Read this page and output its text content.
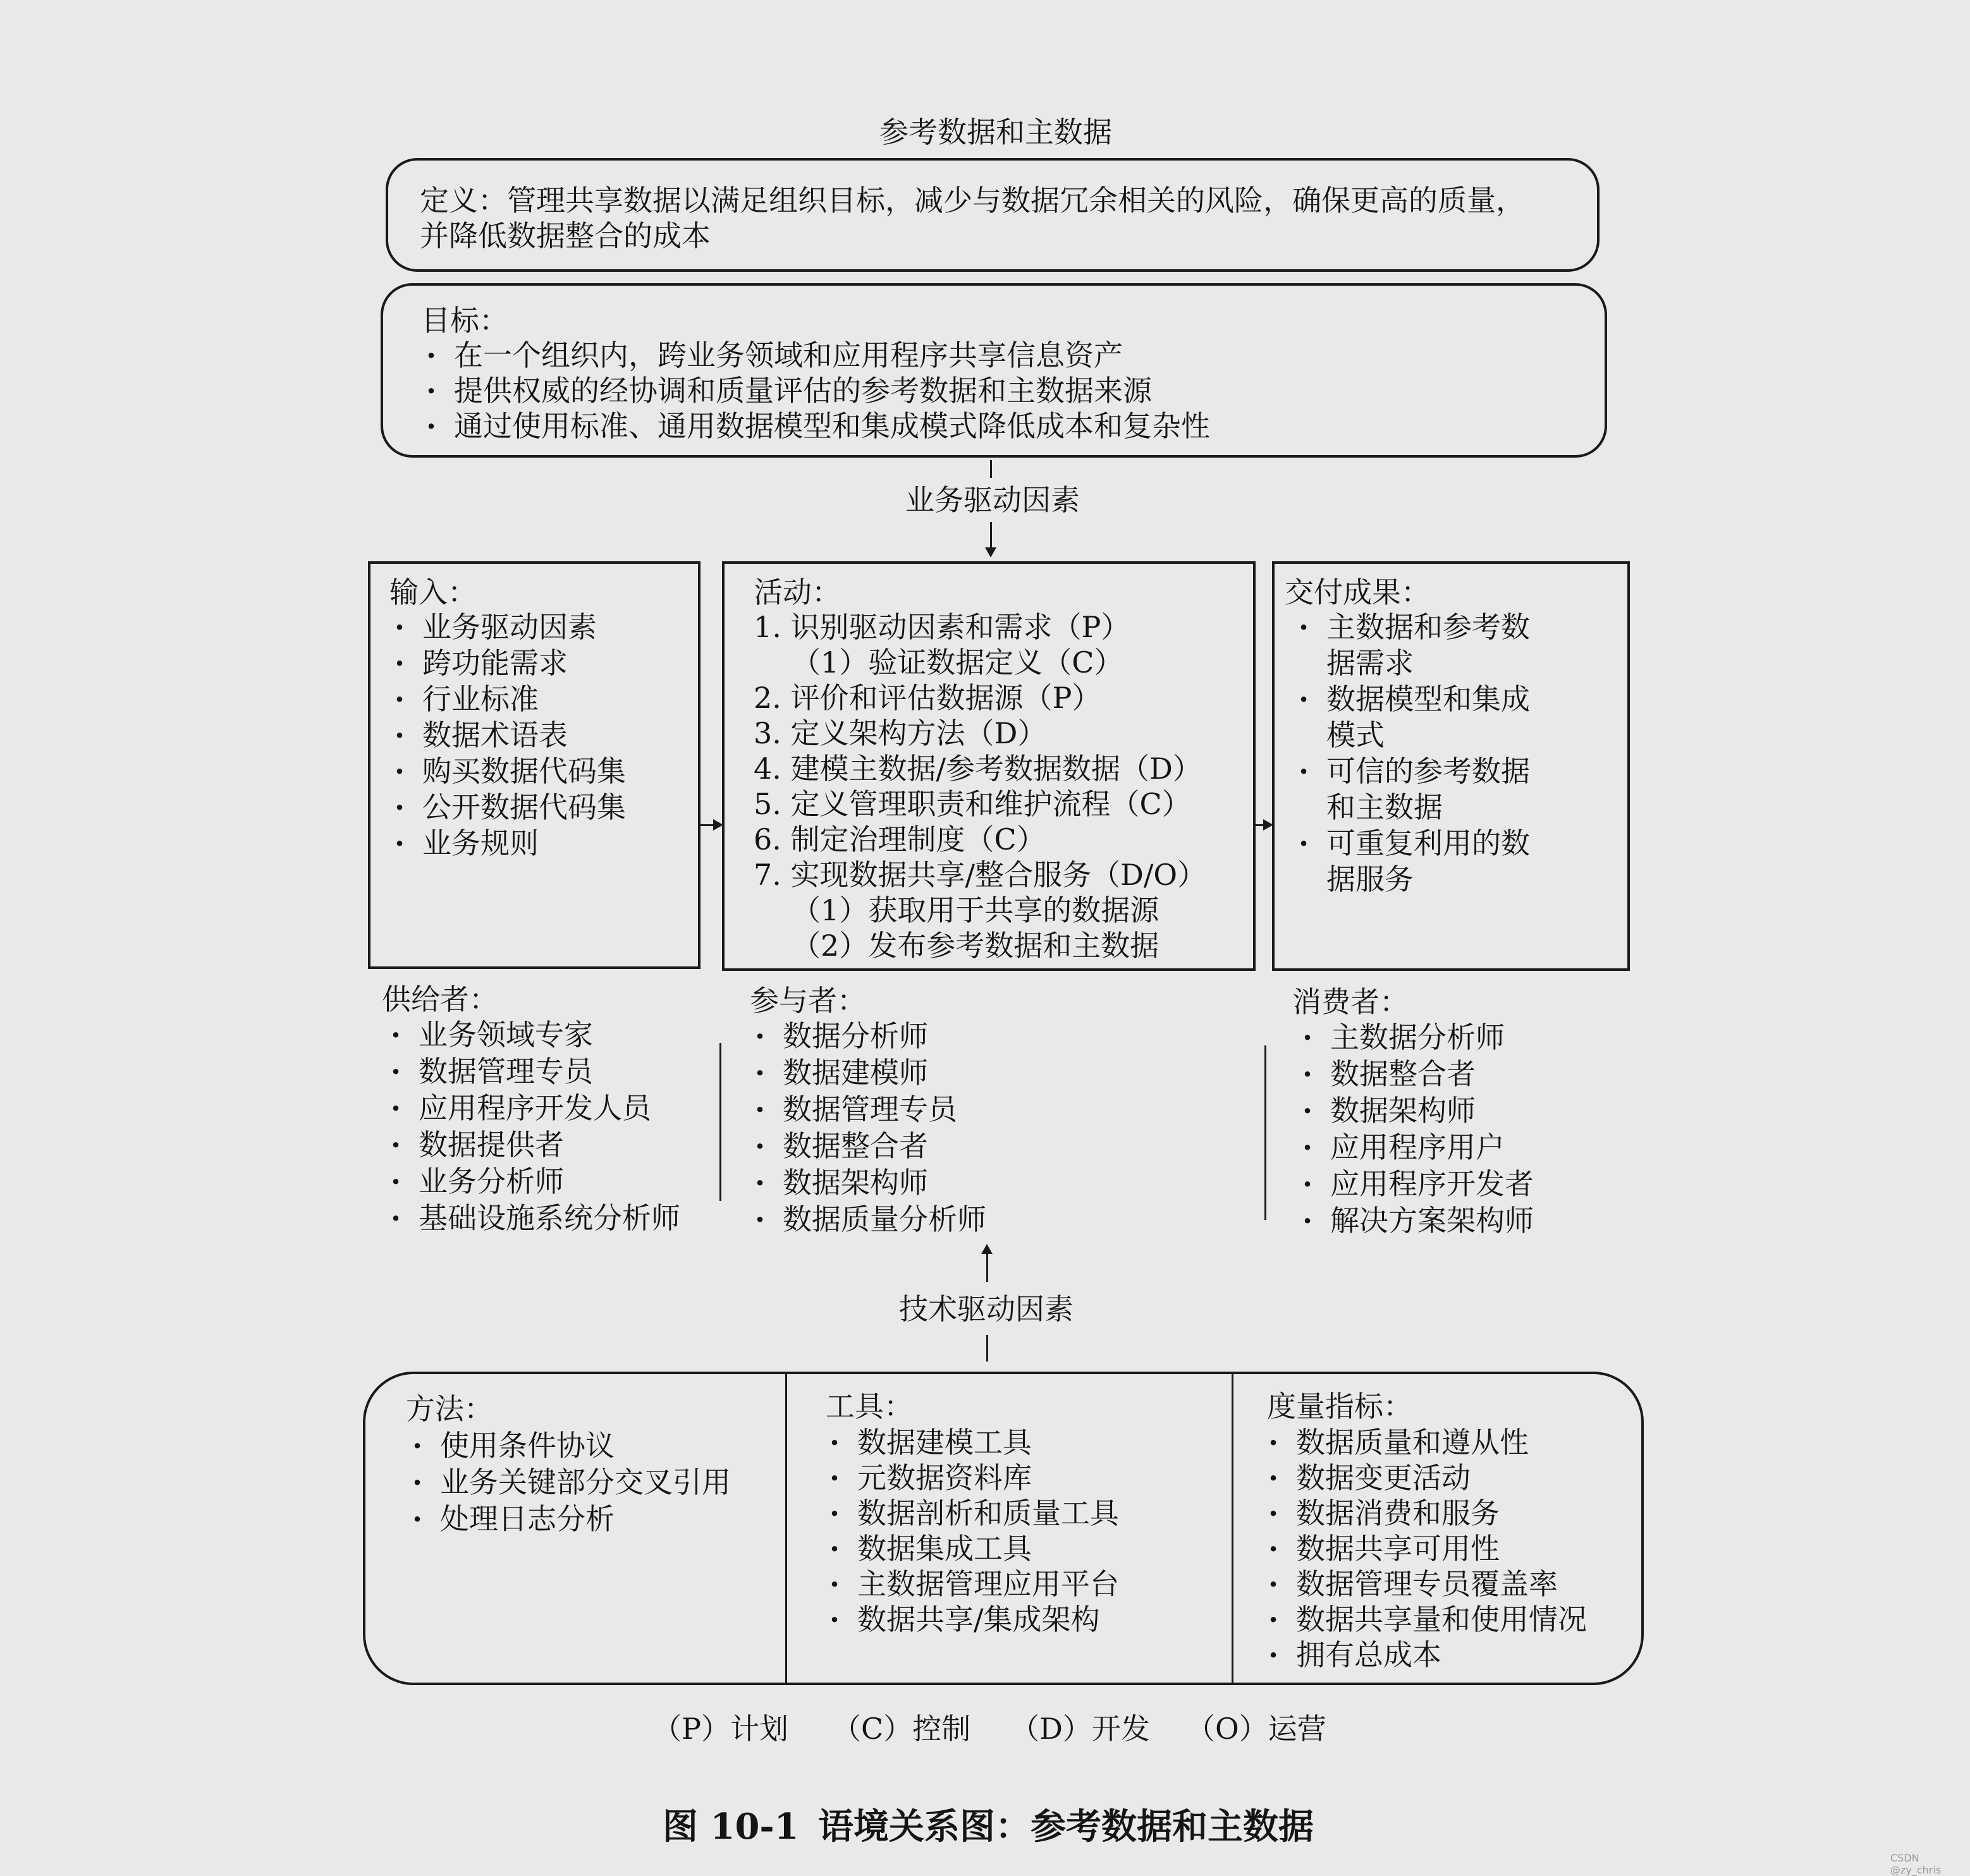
参考数据和主数据
定义：管理共享数据以满足组织目标，减少与数据冗余相关的风险，确保更高的质量，
并降低数据整合的成本
目标：
· 在一个组织内，跨业务领域和应用程序共享信息资产
· 提供权威的经协调和质量评估的参考数据和主数据来源
· 通过使用标准、通用数据模型和集成模式降低成本和复杂性
业务驱动因素
输入：
· 业务驱动因素
· 跨功能需求
· 行业标准
· 数据术语表
· 购买数据代码集
· 公开数据代码集
· 业务规则
活动：
1. 识别驱动因素和需求（P）
（1）验证数据定义（C）
2. 评价和评估数据源（P）
3. 定义架构方法（D）
4. 建模主数据/参考数据数据（D）
5. 定义管理职责和维护流程（C）
6. 制定治理制度（C）
7. 实现数据共享/整合服务（D/O）
（1）获取用于共享的数据源
（2）发布参考数据和主数据
交付成果：
· 主数据和参考数
据需求
· 数据模型和集成
模式
· 可信的参考数据
和主数据
· 可重复利用的数
据服务
供给者：
· 业务领域专家
· 数据管理专员
· 应用程序开发人员
· 数据提供者
· 业务分析师
· 基础设施系统分析师
参与者：
· 数据分析师
· 数据建模师
· 数据管理专员
· 数据整合者
· 数据架构师
· 数据质量分析师
消费者：
· 主数据分析师
· 数据整合者
· 数据架构师
· 应用程序用户
· 应用程序开发者
· 解决方案架构师
技术驱动因素
方法：
· 使用条件协议
· 业务关键部分交叉引用
· 处理日志分析
工具：
· 数据建模工具
· 元数据资料库
· 数据剖析和质量工具
· 数据集成工具
· 主数据管理应用平台
· 数据共享/集成架构
度量指标：
· 数据质量和遵从性
· 数据变更活动
· 数据消费和服务
· 数据共享可用性
· 数据管理专员覆盖率
· 数据共享量和使用情况
· 拥有总成本
（P）计划 （C）控制 （D）开发 （O）运营
图 10-1 语境关系图：参考数据和主数据
CSDN @zy_chris
